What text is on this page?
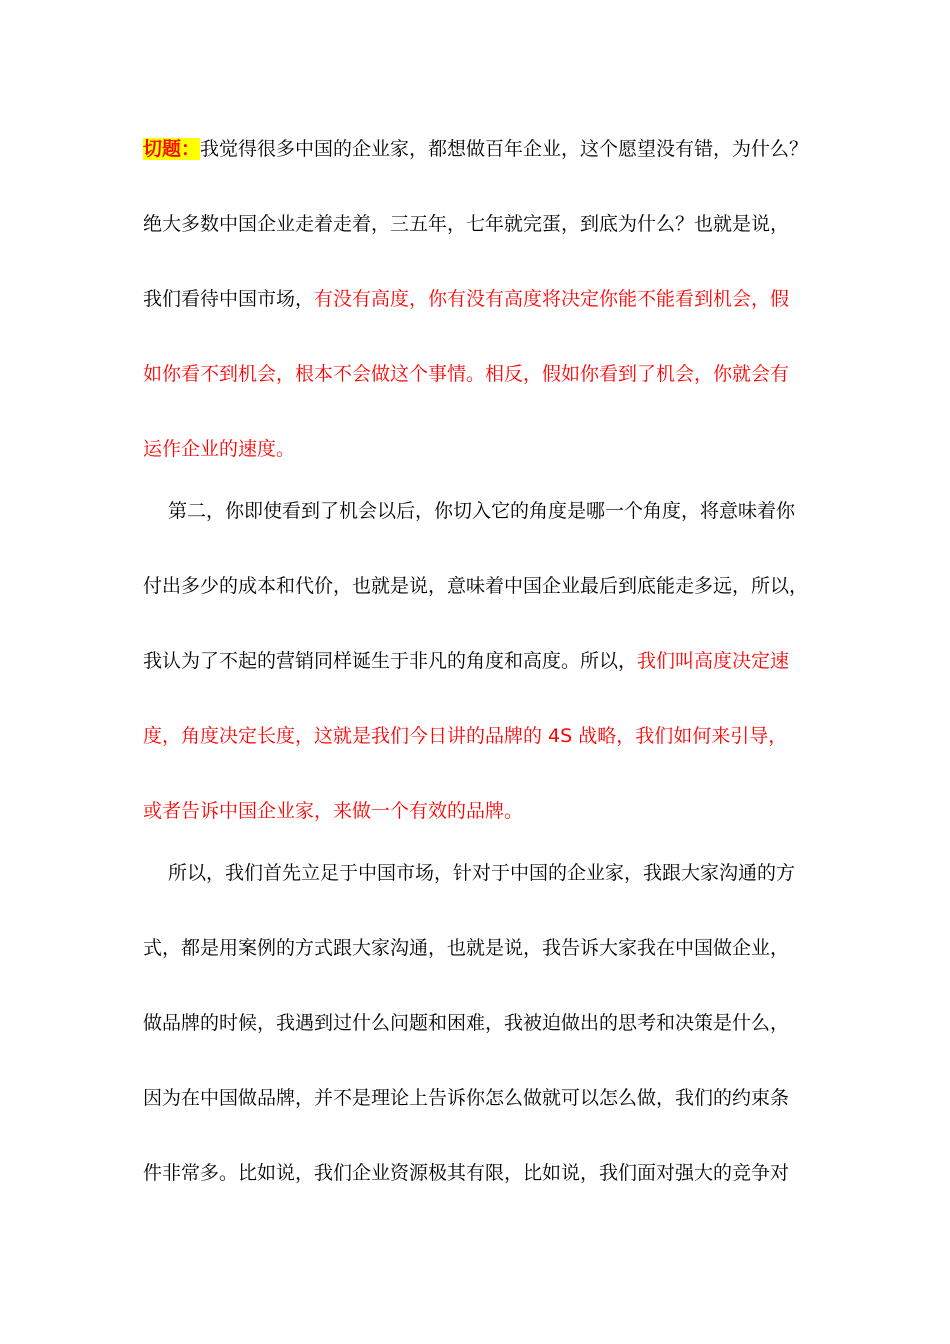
切题：我觉得很多中国的企业家，都想做百年企业，这个愿望没有错，为什么？
绝大多数中国企业走着走着，三五年，七年就完蛋，到底为什么？也就是说，
我们看待中国市场，有没有高度，你有没有高度将决定你能不能看到机会，假
如你看不到机会，根本不会做这个事情。相反，假如你看到了机会，你就会有
运作企业的速度。
第二，你即使看到了机会以后，你切入它的角度是哪一个角度，将意味着你
付出多少的成本和代价，也就是说，意味着中国企业最后到底能走多远，所以，
我认为了不起的营销同样诞生于非凡的角度和高度。所以，我们叫高度决定速
度，角度决定长度，这就是我们今日讲的品牌的 4S 战略，我们如何来引导，
或者告诉中国企业家，来做一个有效的品牌。
所以，我们首先立足于中国市场，针对于中国的企业家，我跟大家沟通的方
式，都是用案例的方式跟大家沟通，也就是说，我告诉大家我在中国做企业，
做品牌的时候，我遇到过什么问题和困难，我被迫做出的思考和决策是什么，
因为在中国做品牌，并不是理论上告诉你怎么做就可以怎么做，我们的约束条
件非常多。比如说，我们企业资源极其有限，比如说，我们面对强大的竞争对
